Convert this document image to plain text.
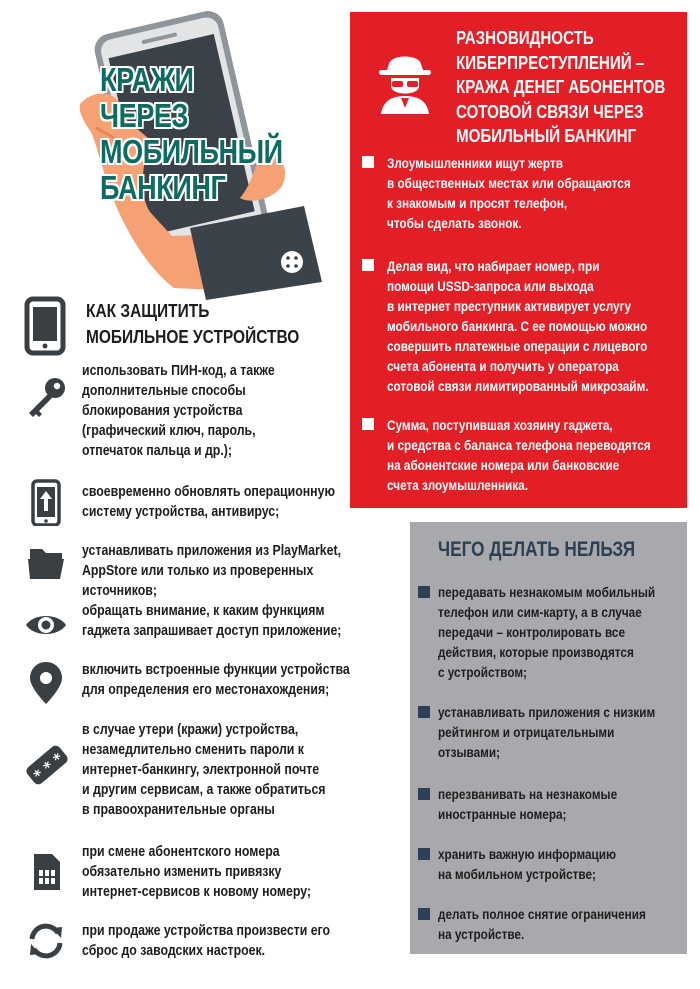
КРАЖИ
ЧЕРЕЗ
МОБИЛЬНЫЙ
БАНКИНГ
КАК ЗАЩИТИТЬ
МОБИЛЬНОЕ УСТРОЙСТВО
использовать ПИН-код, а также
дополнительные способы
блокирования устройства
(графический ключ, пароль,
отпечаток пальца и др.);
своевременно обновлять операционную
систему устройства, антивирус;
устанавливать приложения из PlayMarket,
AppStore или только из проверенных источников;
обращать внимание, к каким функциям
гаджета запрашивает доступ приложение;
включить встроенные функции устройства
для определения его местонахождения;
* * *
в случае утери (кражи) устройства,
незамедлительно сменить пароли к
интернет-банкингу, электронной почте
и другим сервисам, а также обратиться
в правоохранительные органы
при смене абонентского номера
обязательно изменить привязку
интернет-сервисов к новому номеру;
при продаже устройства произвести его
сброс до заводских настроек.
РАЗНОВИДНОСТЬ
КИБЕРПРЕСТУПЛЕНИЙ –
КРАЖА ДЕНЕГ АБОНЕНТОВ
СОТОВОЙ СВЯЗИ ЧЕРЕЗ
МОБИЛЬНЫЙ БАНКИНГ
Злоумышленники ищут жертв
в общественных местах или обращаются
к знакомым и просят телефон,
чтобы сделать звонок.
Делая вид, что набирает номер, при
помощи USSD-запроса или выхода
в интернет преступник активирует услугу
мобильного банкинга. С ее помощью можно
совершить платежные операции с лицевого
счета абонента и получить у оператора
сотовой связи лимитированный микрозайм.
Сумма, поступившая хозяину гаджета,
и средства с баланса телефона переводятся
на абонентские номера или банковские
счета злоумышленника.
ЧЕГО ДЕЛАТЬ НЕЛЬЗЯ
передавать незнакомым мобильный
телефон или сим-карту, а в случае
передачи – контролировать все
действия, которые производятся
с устройством;
устанавливать приложения с низким
рейтингом и отрицательными
отзывами;
перезванивать на незнакомые
иностранные номера;
хранить важную информацию
на мобильном устройстве;
делать полное снятие ограничения
на устройстве.
